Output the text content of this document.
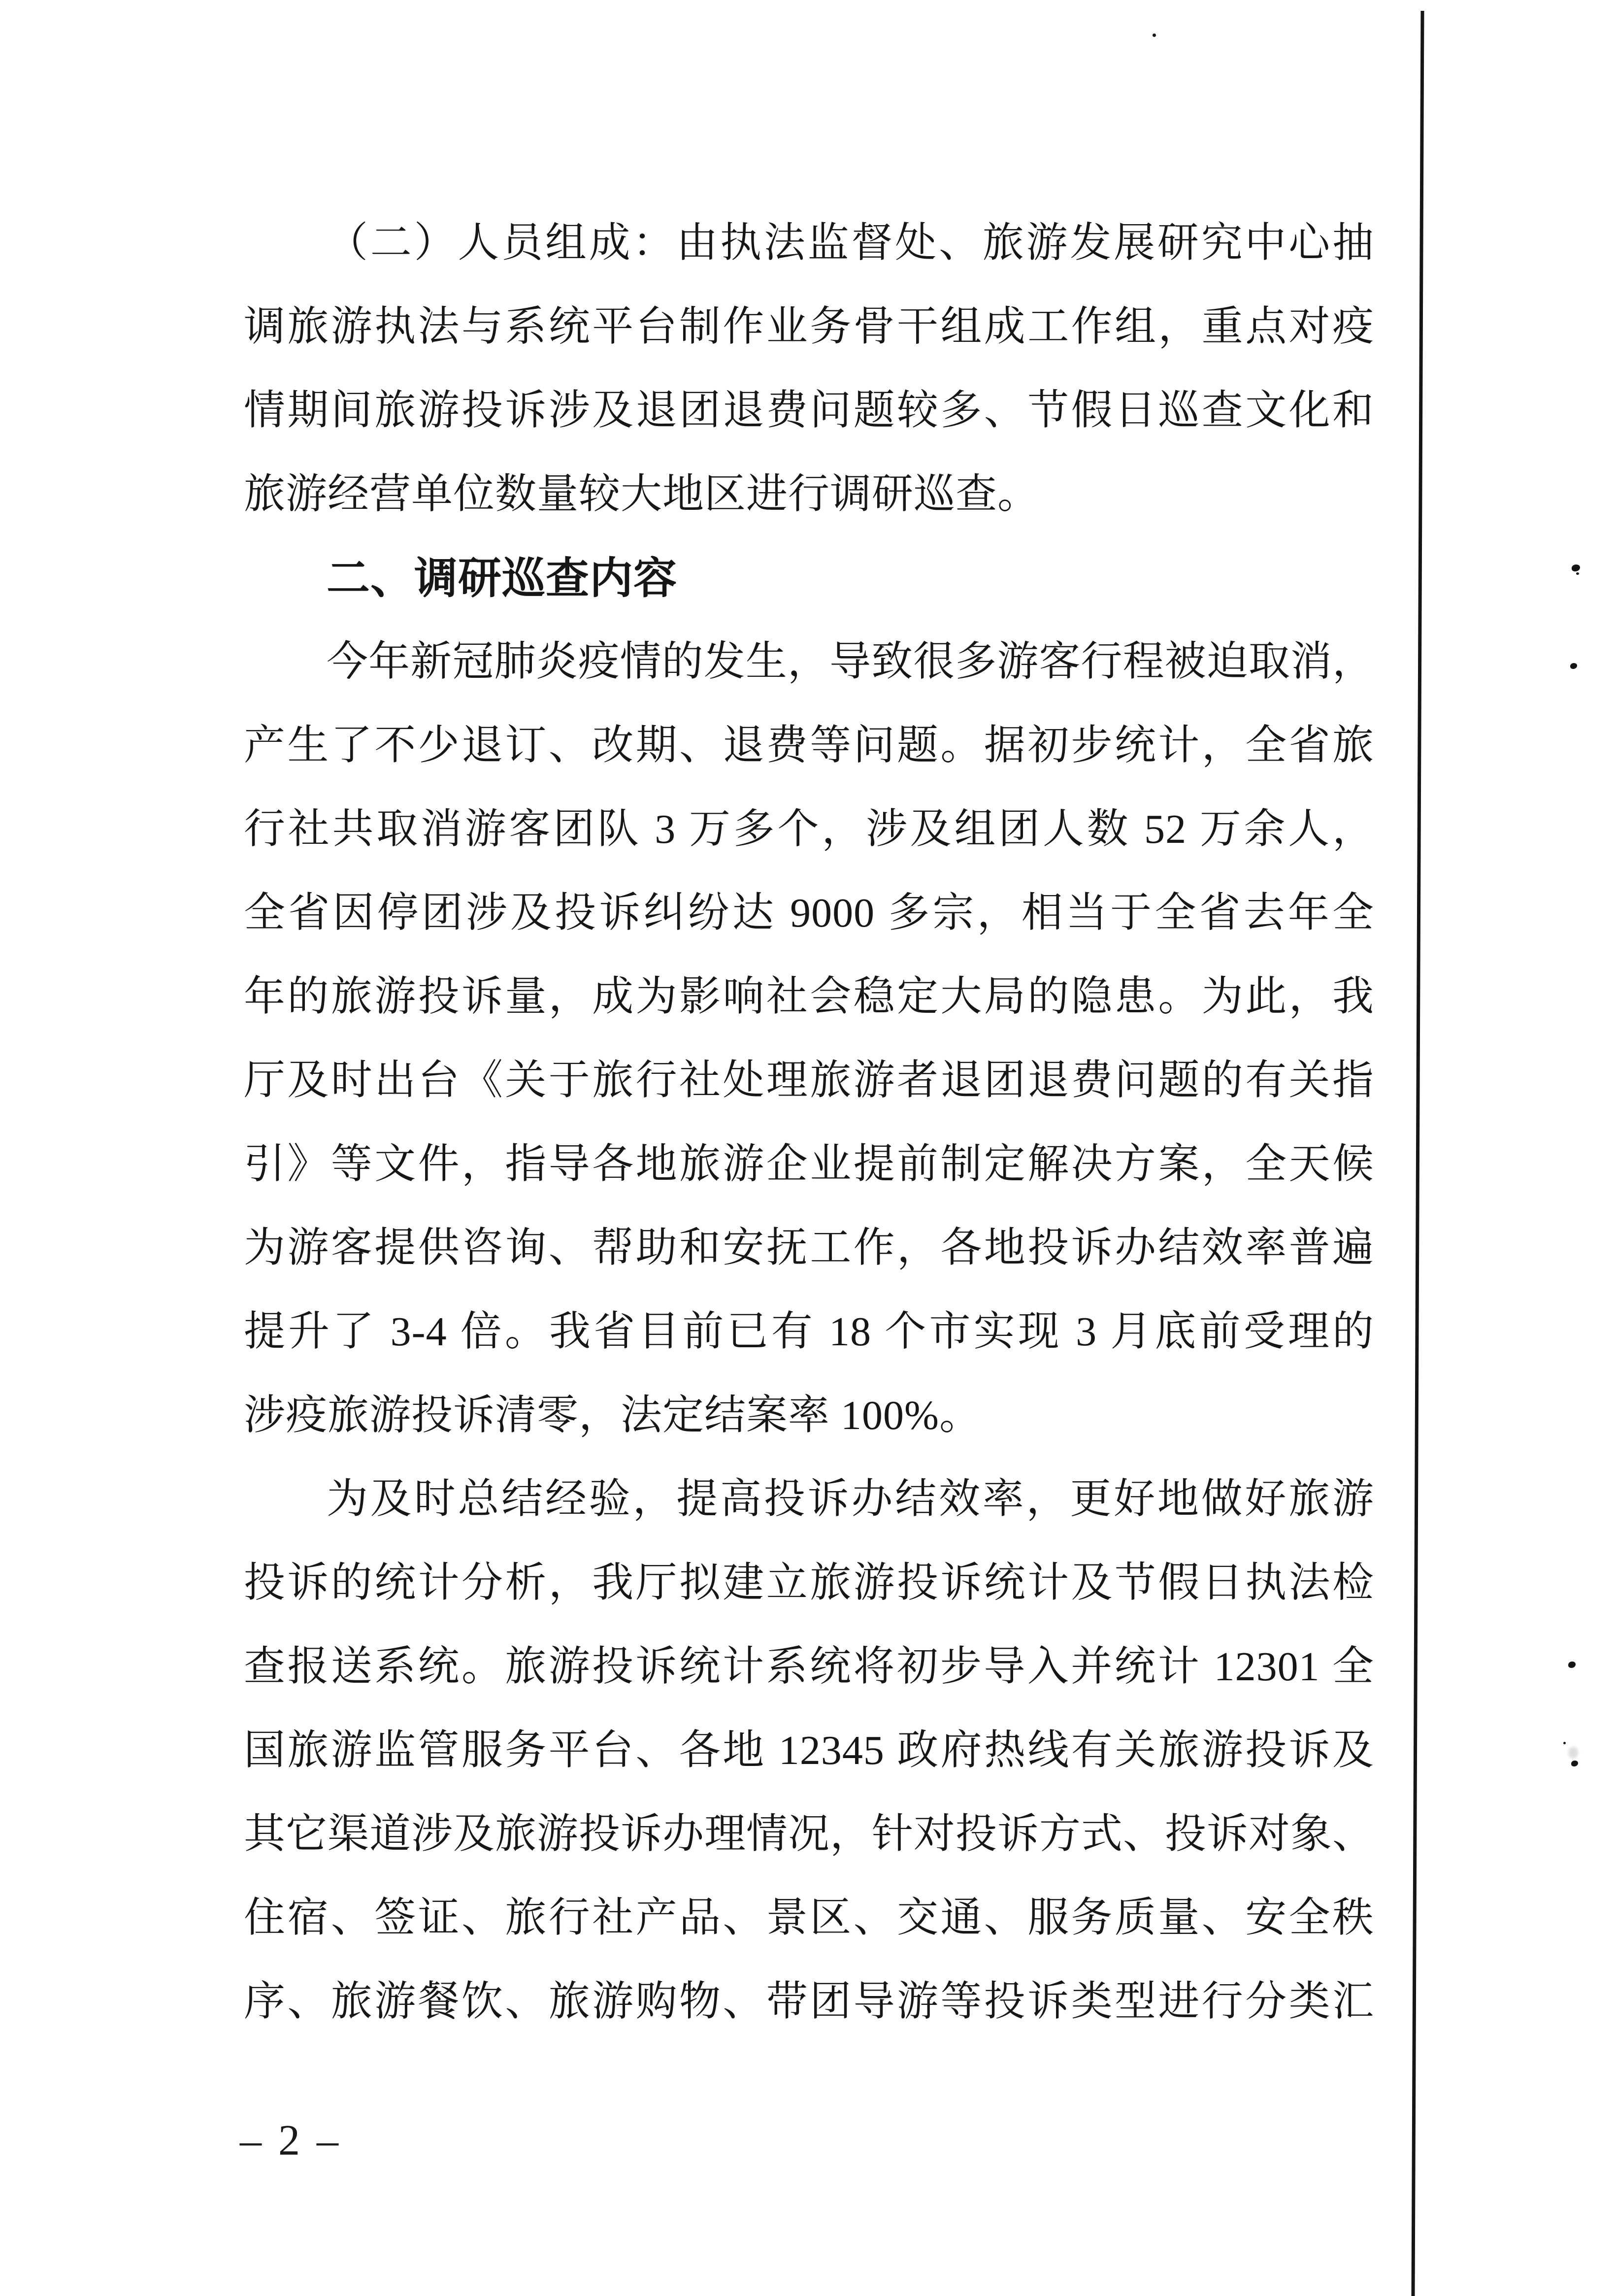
（二）人员组成：由执法监督处、旅游发展研究中心抽
调旅游执法与系统平台制作业务骨干组成工作组，重点对疫
情期间旅游投诉涉及退团退费问题较多、节假日巡查文化和
旅游经营单位数量较大地区进行调研巡查。
二、调研巡查内容
今年新冠肺炎疫情的发生，导致很多游客行程被迫取消，
产生了不少退订、改期、退费等问题。据初步统计，全省旅
行社共取消游客团队 3 万多个，涉及组团人数 52 万余人，
全省因停团涉及投诉纠纷达 9000 多宗，相当于全省去年全
年的旅游投诉量，成为影响社会稳定大局的隐患。为此，我
厅及时出台《关于旅行社处理旅游者退团退费问题的有关指
引》等文件，指导各地旅游企业提前制定解决方案，全天候
为游客提供咨询、帮助和安抚工作，各地投诉办结效率普遍
提升了 3-4 倍。我省目前已有 18 个市实现 3 月底前受理的
涉疫旅游投诉清零，法定结案率 100%。
为及时总结经验，提高投诉办结效率，更好地做好旅游
投诉的统计分析，我厅拟建立旅游投诉统计及节假日执法检
查报送系统。旅游投诉统计系统将初步导入并统计 12301 全
国旅游监管服务平台、各地 12345 政府热线有关旅游投诉及
其它渠道涉及旅游投诉办理情况，针对投诉方式、投诉对象、
住宿、签证、旅行社产品、景区、交通、服务质量、安全秩
序、旅游餐饮、旅游购物、带团导游等投诉类型进行分类汇
– 2 –
